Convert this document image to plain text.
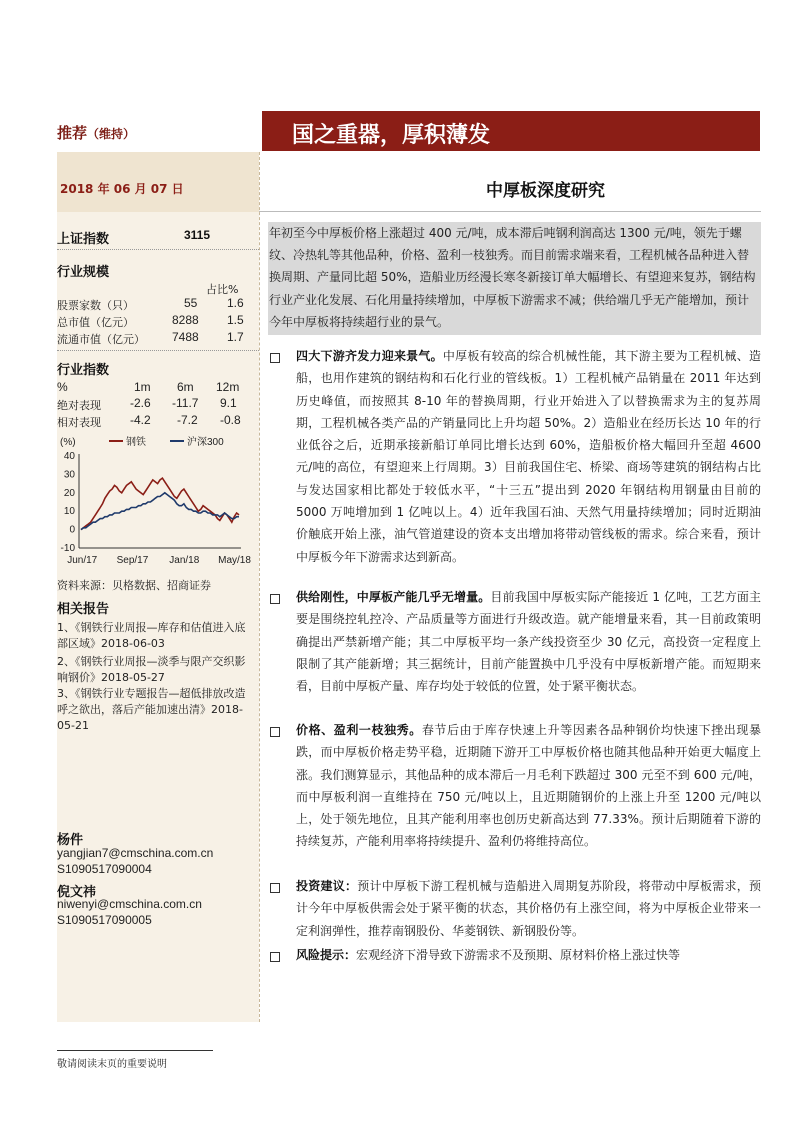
推荐（维持）	国之重器，厚积薄发
2018 年 06 月 07 日	中厚板深度研究
上证指数	3115
行业规模
占比%
股票家数（只）	55 1.6
总市值（亿元）	8288 1.5
流通市值（亿元） 7488 1.7
行业指数
%	1m 6m 12m
绝对表现 -2.6 -11.7 9.1
相对表现 -4.2 -7.2 -0.8
(%)	钢铁	沪深300
40
30
20
10
0
-10
Jun/17 Sep/17 Jan/18 May/18
资料来源：贝格数据、招商证券
相关报告
1、《钢铁行业周报—库存和估值进入底部区域》2018-06-03
2、《钢铁行业周报—淡季与限产交织影响钢价》2018-05-27
3、《钢铁行业专题报告—超低排放改造呼之欲出，落后产能加速出清》2018-05-21
杨件
yangjian7@cmschina.com.cn
S1090517090004
倪文祎
niwenyi@cmschina.com.cn
S1090517090005
年初至今中厚板价格上涨超过 400 元/吨，成本滞后吨钢利润高达 1300 元/吨，领先于螺纹、冷热轧等其他品种，价格、盈利一枝独秀。而目前需求端来看，工程机械各品种进入替换周期、产量同比超 50%，造船业历经漫长寒冬新接订单大幅增长、有望迎来复苏，钢结构行业产业化发展、石化用量持续增加，中厚板下游需求不减；供给端几乎无产能增加，预计今年中厚板将持续超行业的景气。
四大下游齐发力迎来景气。中厚板有较高的综合机械性能，其下游主要为工程机械、造船，也用作建筑的钢结构和石化行业的管线板。1）工程机械产品销量在 2011 年达到历史峰值，而按照其 8-10 年的替换周期，行业开始进入了以替换需求为主的复苏周期，工程机械各类产品的产销量同比上升均超 50%。2）造船业在经历长达 10 年的行业低谷之后，近期承接新船订单同比增长达到 60%，造船板价格大幅回升至超 4600 元/吨的高位，有望迎来上行周期。3）目前我国住宅、桥梁、商场等建筑的钢结构占比与发达国家相比都处于较低水平，“十三五”提出到 2020 年钢结构用钢量由目前的 5000 万吨增加到 1 亿吨以上。4）近年我国石油、天然气用量持续增加；同时近期油价触底开始上涨，油气管道建设的资本支出增加将带动管线板的需求。综合来看，预计中厚板今年下游需求达到新高。
供给刚性，中厚板产能几乎无增量。目前我国中厚板实际产能接近 1 亿吨，工艺方面主要是围绕控轧控冷、产品质量等方面进行升级改造。就产能增量来看，其一目前政策明确提出严禁新增产能；其二中厚板平均一条产线投资至少 30 亿元，高投资一定程度上限制了其产能新增；其三据统计，目前产能置换中几乎没有中厚板新增产能。而短期来看，目前中厚板产量、库存均处于较低的位置，处于紧平衡状态。
价格、盈利一枝独秀。春节后由于库存快速上升等因素各品种钢价均快速下挫出现暴跌，而中厚板价格走势平稳，近期随下游开工中厚板价格也随其他品种开始更大幅度上涨。我们测算显示，其他品种的成本滞后一月毛利下跌超过 300 元至不到 600 元/吨，而中厚板利润一直维持在 750 元/吨以上，且近期随钢价的上涨上升至 1200 元/吨以上，处于领先地位，且其产能利用率也创历史新高达到 77.33%。预计后期随着下游的持续复苏，产能利用率将持续提升、盈利仍将维持高位。
投资建议：预计中厚板下游工程机械与造船进入周期复苏阶段，将带动中厚板需求，预计今年中厚板供需会处于紧平衡的状态，其价格仍有上涨空间，将为中厚板企业带来一定利润弹性，推荐南钢股份、华菱钢铁、新钢股份等。
风险提示：宏观经济下滑导致下游需求不及预期、原材料价格上涨过快等
敬请阅读末页的重要说明
